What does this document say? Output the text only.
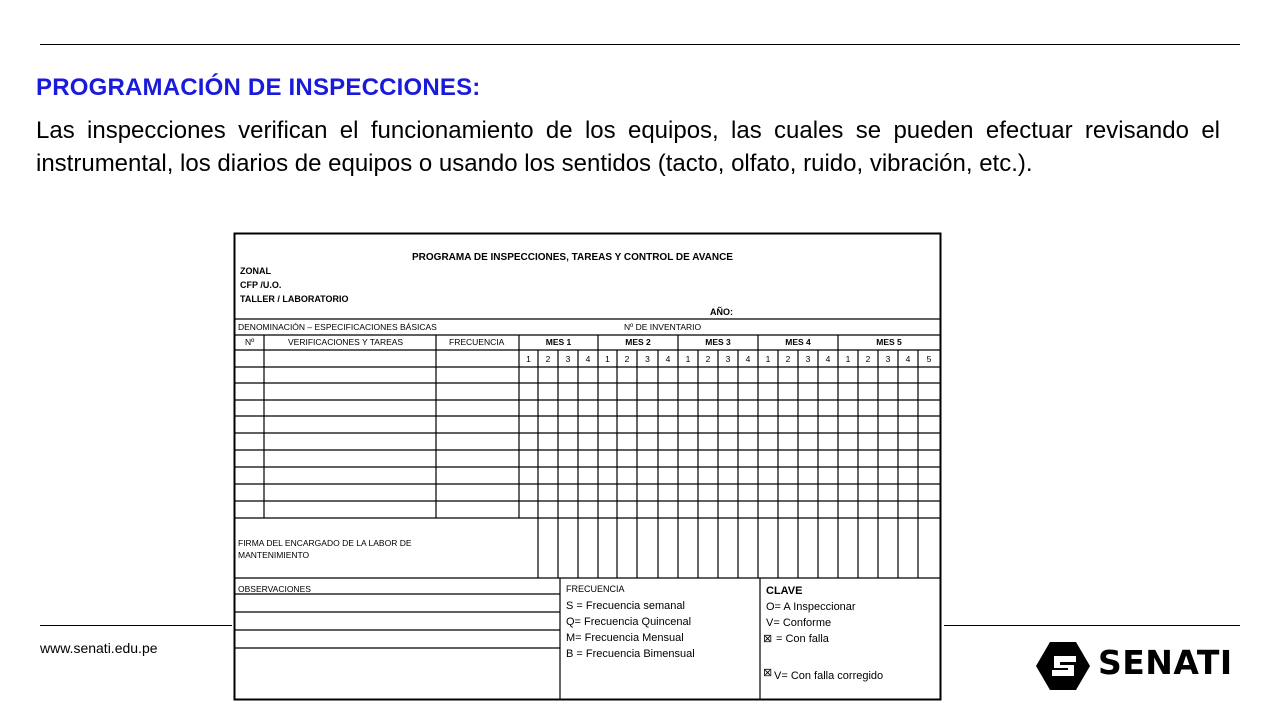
PROGRAMACIÓN DE INSPECCIONES:

Las inspecciones verifican el funcionamiento de los equipos, las cuales se pueden efectuar revisando el instrumental, los diarios de equipos o usando los sentidos (tacto, olfato, ruido, vibración, etc.).

PROGRAMA DE INSPECCIONES, TAREAS Y CONTROL DE AVANCE
ZONAL
CFP /U.O.
TALLER / LABORATORIO
AÑO:
DENOMINACIÓN – ESPECIFICACIONES BÁSICAS	Nº DE INVENTARIO
Nº	VERIFICACIONES Y TAREAS	FRECUENCIA	MES 1	MES 2	MES 3	MES 4	MES 5
1 2 3 4 1 2 3 4 1 2 3 4 1 2 3 4 1 2 3 4 5
FIRMA DEL ENCARGADO DE LA LABOR DE
MANTENIMIENTO
OBSERVACIONES	FRECUENCIA
S = Frecuencia semanal
Q= Frecuencia Quincenal
M= Frecuencia Mensual
B = Frecuencia Bimensual
CLAVE
O= A Inspeccionar
V= Conforme
⊠ = Con falla
⊠ V= Con falla corregido
www.senati.edu.pe	SENATI
